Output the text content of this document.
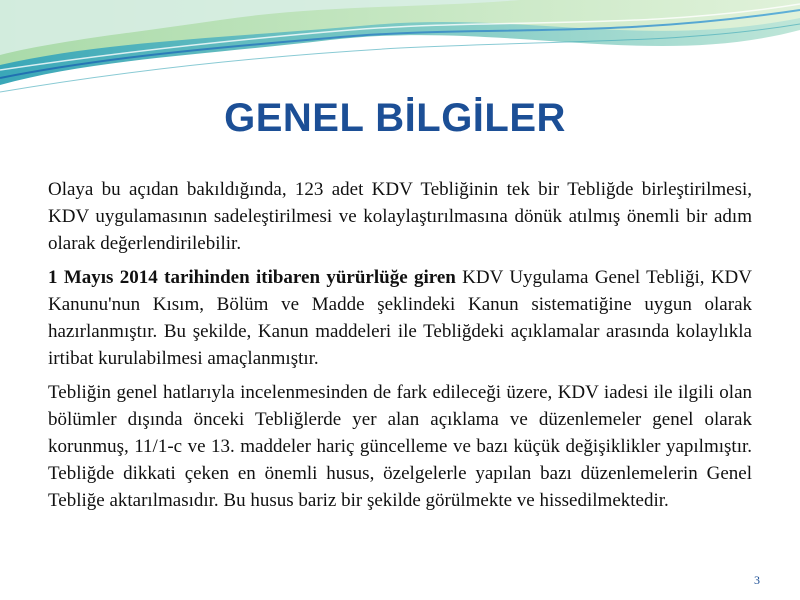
GENEL BİLGİLER

Olaya bu açıdan bakıldığında, 123 adet KDV Tebliğinin tek bir Tebliğde birleştirilmesi, KDV uygulamasının sadeleştirilmesi ve kolaylaştırılmasına dönük atılmış önemli bir adım olarak değerlendirilebilir.

1 Mayıs 2014 tarihinden itibaren yürürlüğe giren KDV Uygulama Genel Tebliği, KDV Kanunu'nun Kısım, Bölüm ve Madde şeklindeki Kanun sistematiğine uygun olarak hazırlanmıştır. Bu şekilde, Kanun maddeleri ile Tebliğdeki açıklamalar arasında kolaylıkla irtibat kurulabilmesi amaçlanmıştır.

Tebliğin genel hatlarıyla incelenmesinden de fark edileceği üzere, KDV iadesi ile ilgili olan bölümler dışında önceki Tebliğlerde yer alan açıklama ve düzenlemeler genel olarak korunmuş, 11/1-c ve 13. maddeler hariç güncelleme ve bazı küçük değişiklikler yapılmıştır. Tebliğde dikkati çeken en önemli husus, özelgelerle yapılan bazı düzenlemelerin Genel Tebliğe aktarılmasıdır. Bu husus bariz bir şekilde görülmekte ve hissedilmektedir.

3
